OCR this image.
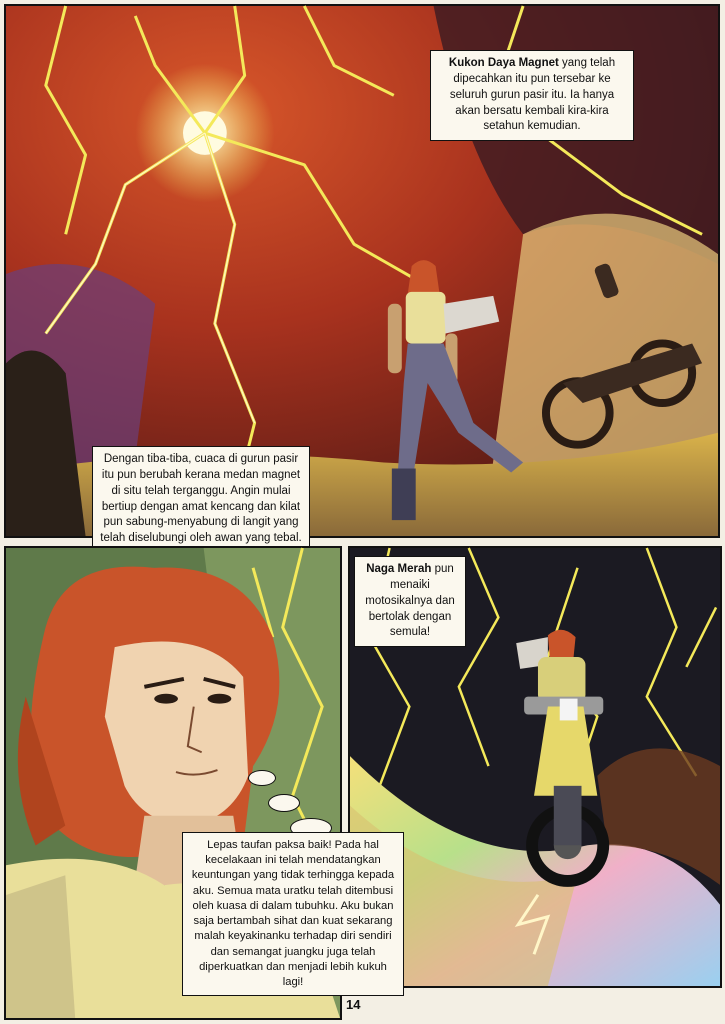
Kukon Daya Magnet yang telah dipecahkan itu pun tersebar ke seluruh gurun pasir itu. Ia hanya akan bersatu kembali kira-kira setahun kemudian.
Dengan tiba-tiba, cuaca di gurun pasir itu pun berubah kerana medan magnet di situ telah terganggu. Angin mulai bertiup dengan amat kencang dan kilat pun sabung-menyabung di langit yang telah diselubungi oleh awan yang tebal.
Naga Merah pun menaiki motosikalnya dan bertolak dengan semula!
Lepas taufan paksa baik! Pada hal kecelakaan ini telah mendatangkan keuntungan yang tidak terhingga kepada aku. Semua mata uratku telah ditembusi oleh kuasa di dalam tubuhku. Aku bukan saja bertambah sihat dan kuat sekarang malah keyakinanku terhadap diri sendiri dan semangat juangku juga telah diperkuatkan dan menjadi lebih kukuh lagi!
14
